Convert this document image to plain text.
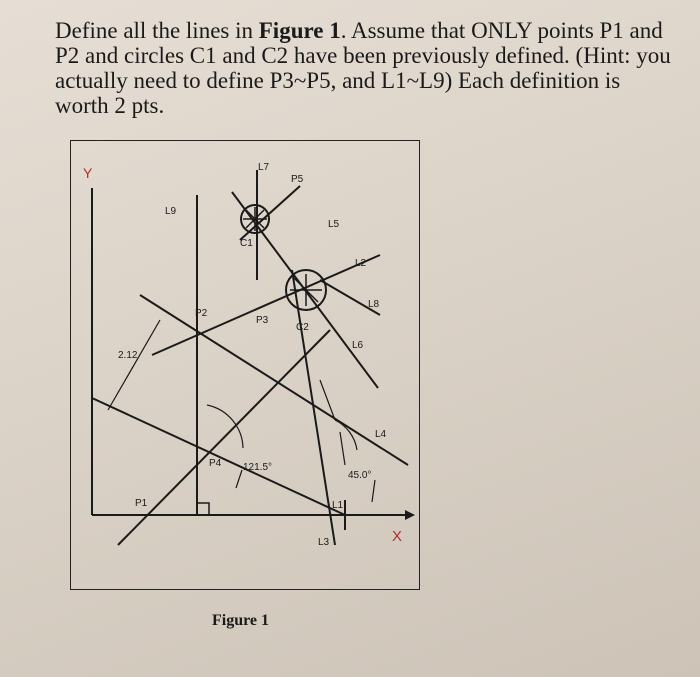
Define all the lines in Figure 1. Assume that ONLY points P1 and P2 and circles C1 and C2 have been previously defined. (Hint: you actually need to define P3~P5, and L1~L9) Each definition is worth 2 pts.

Y
X
L7
P5
L9
L5
C1
L2
L8
P2
P3
C2
L6
2.12
L4
P4 121.5°
45.0°
P1	L1
L3
Figure 1
